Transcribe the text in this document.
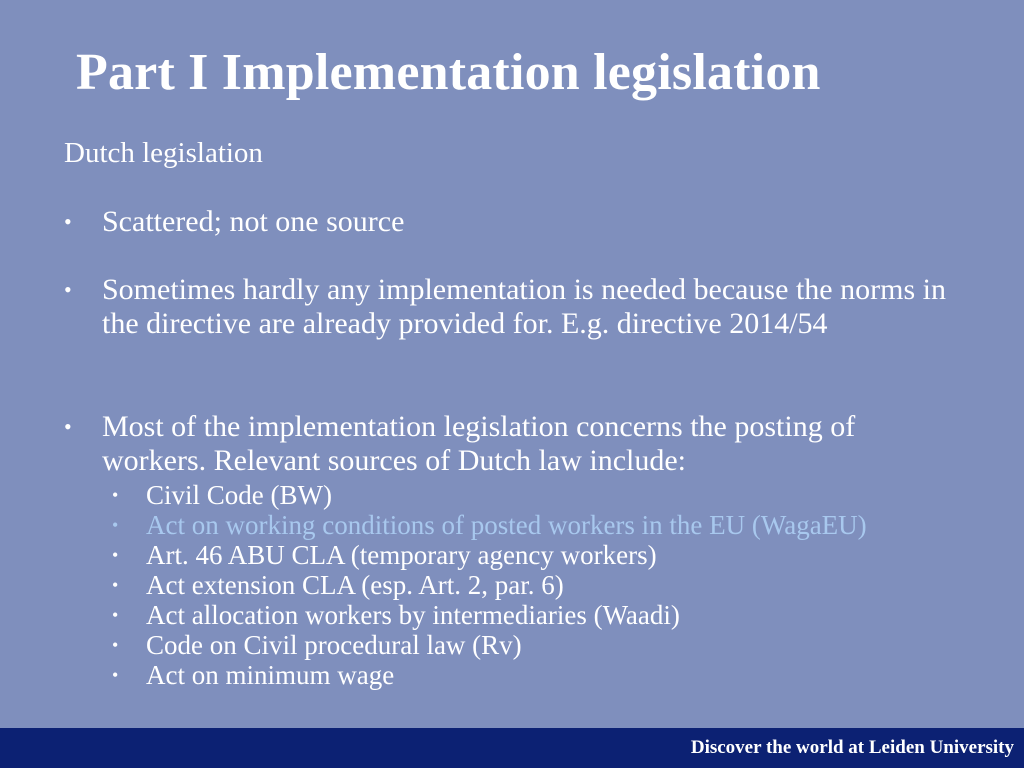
Part I Implementation legislation
Dutch legislation
•	Scattered; not one source
•	Sometimes hardly any implementation is needed because the norms in the directive are already provided for. E.g. directive 2014/54
•	Most of the implementation legislation concerns the posting of workers. Relevant sources of Dutch law include:
• Civil Code (BW)
• Act on working conditions of posted workers in the EU (WagaEU)
• Art. 46 ABU CLA (temporary agency workers)
• Act extension CLA (esp. Art. 2, par. 6)
• Act allocation workers by intermediaries (Waadi)
• Code on Civil procedural law (Rv)
• Act on minimum wage
Discover the world at Leiden University
